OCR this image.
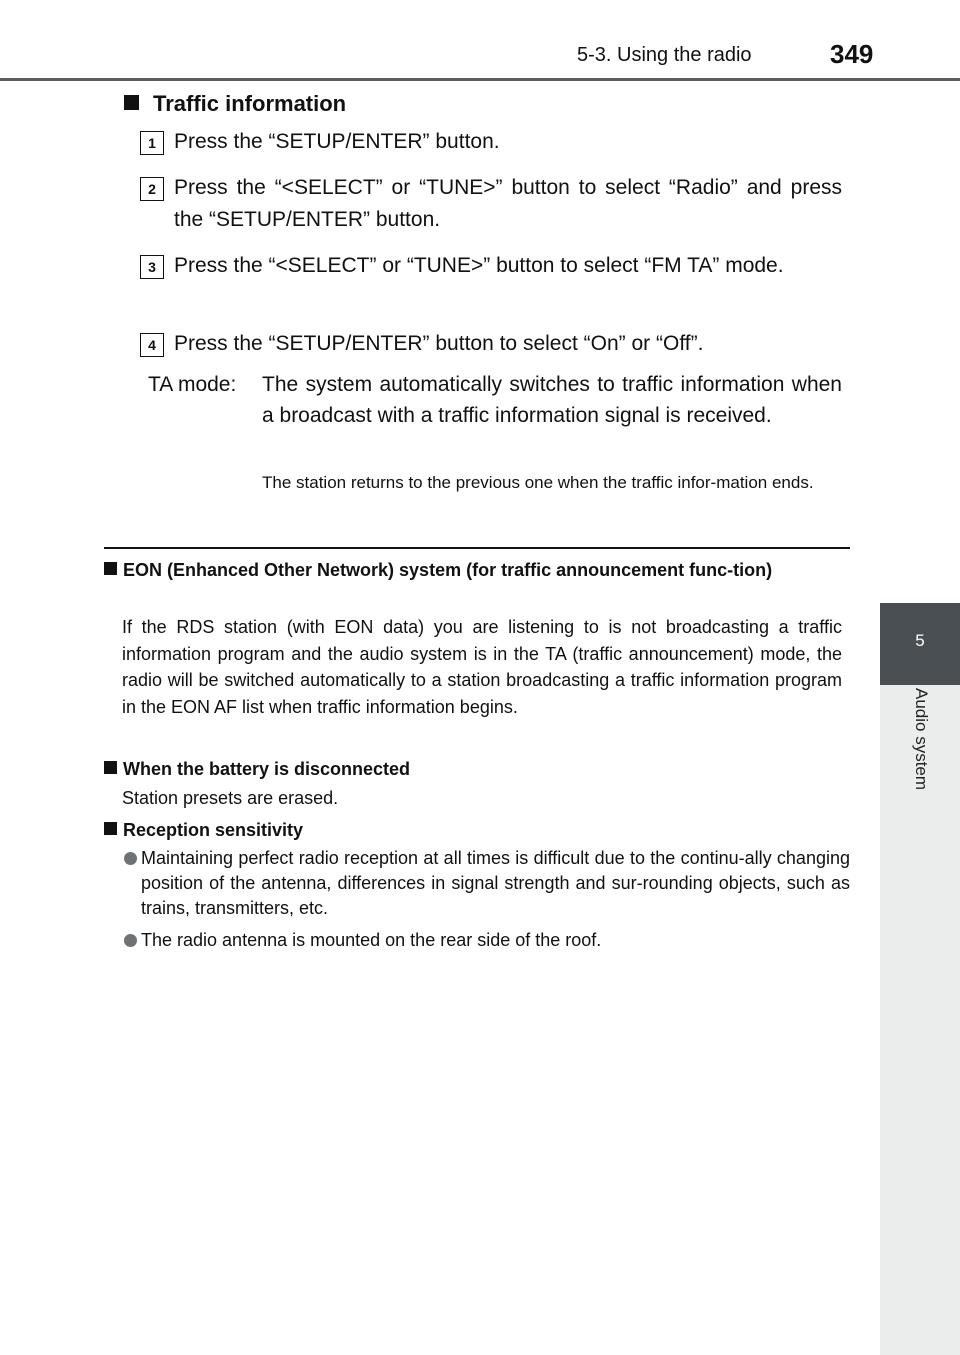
5-3. Using the radio	349
5
Audio system
Traffic information
1 Press the “SETUP/ENTER” button.
2 Press the “<SELECT” or “TUNE>” button to select “Radio” and press the “SETUP/ENTER” button.
3 Press the “<SELECT” or “TUNE>” button to select “FM TA” mode.
4 Press the “SETUP/ENTER” button to select “On” or “Off”.
TA mode: The system automatically switches to traffic information when a broadcast with a traffic information signal is received.
The station returns to the previous one when the traffic infor-mation ends.
EON (Enhanced Other Network) system (for traffic announcement func-tion)
If the RDS station (with EON data) you are listening to is not broadcasting a traffic information program and the audio system is in the TA (traffic announcement) mode, the radio will be switched automatically to a station broadcasting a traffic information program in the EON AF list when traffic information begins.
When the battery is disconnected
Station presets are erased.
Reception sensitivity
Maintaining perfect radio reception at all times is difficult due to the continu-ally changing position of the antenna, differences in signal strength and sur-rounding objects, such as trains, transmitters, etc.
The radio antenna is mounted on the rear side of the roof.
